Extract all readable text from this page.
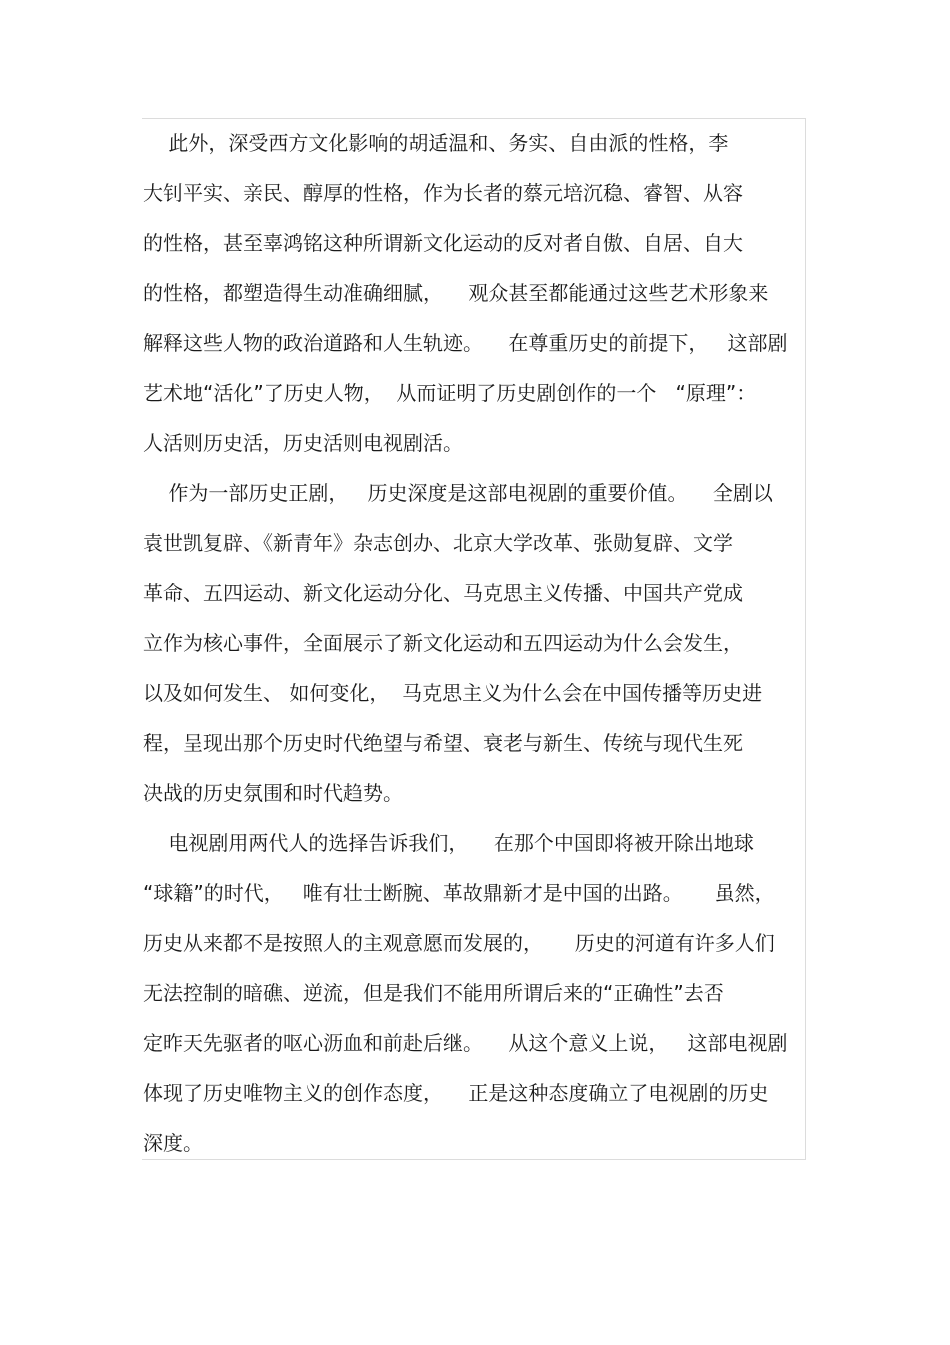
此外，深受西方文化影响的胡适温和、务实、自由派的性格，李
大钊平实、亲民、醇厚的性格，作为长者的蔡元培沉稳、睿智、从容
的性格，甚至辜鸿铭这种所谓新文化运动的反对者自傲、自居、自大
的性格，都塑造得生动准确细腻，    观众甚至都能通过这些艺术形象来
解释这些人物的政治道路和人生轨迹。    在尊重历史的前提下，   这部剧
艺术地“活化”了历史人物，  从而证明了历史剧创作的一个   “原理”：
人活则历史活，历史活则电视剧活。
作为一部历史正剧，   历史深度是这部电视剧的重要价值。    全剧以
袁世凯复辟、《新青年》杂志创办、北京大学改革、张勋复辟、文学
革命、五四运动、新文化运动分化、马克思主义传播、中国共产党成
立作为核心事件，全面展示了新文化运动和五四运动为什么会发生，
以及如何发生、 如何变化，  马克思主义为什么会在中国传播等历史进
程，呈现出那个历史时代绝望与希望、衰老与新生、传统与现代生死
决战的历史氛围和时代趋势。
电视剧用两代人的选择告诉我们，    在那个中国即将被开除出地球
“球籍”的时代，   唯有壮士断腕、革故鼎新才是中国的出路。     虽然，
历史从来都不是按照人的主观意愿而发展的，     历史的河道有许多人们
无法控制的暗礁、逆流，但是我们不能用所谓后来的“正确性”去否
定昨天先驱者的呕心沥血和前赴后继。    从这个意义上说，   这部电视剧
体现了历史唯物主义的创作态度，    正是这种态度确立了电视剧的历史
深度。
